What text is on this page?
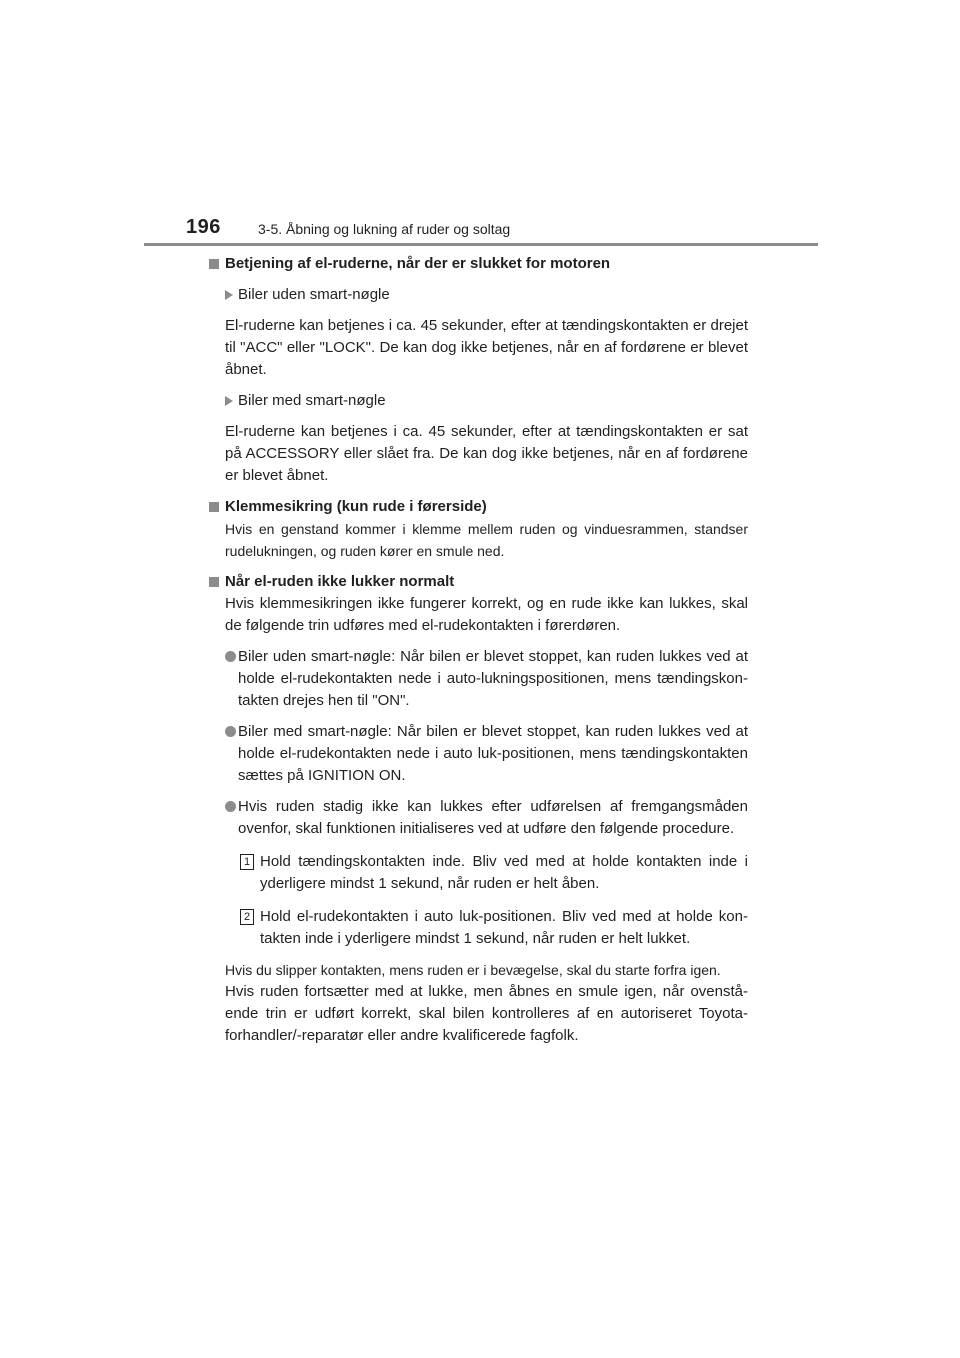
196	3-5. Åbning og lukning af ruder og soltag
Betjening af el-ruderne, når der er slukket for motoren
Biler uden smart-nøgle
El-ruderne kan betjenes i ca. 45 sekunder, efter at tændingskontakten er drejet til "ACC" eller "LOCK". De kan dog ikke betjenes, når en af fordørene er blevet åbnet.
Biler med smart-nøgle
El-ruderne kan betjenes i ca. 45 sekunder, efter at tændingskontakten er sat på ACCESSORY eller slået fra. De kan dog ikke betjenes, når en af fordørene er blevet åbnet.
Klemmesikring (kun rude i førerside)
Hvis en genstand kommer i klemme mellem ruden og vinduesrammen, standser rudelukningen, og ruden kører en smule ned.
Når el-ruden ikke lukker normalt
Hvis klemmesikringen ikke fungerer korrekt, og en rude ikke kan lukkes, skal de følgende trin udføres med el-rudekontakten i førerdøren.
Biler uden smart-nøgle: Når bilen er blevet stoppet, kan ruden lukkes ved at holde el-rudekontakten nede i auto-lukningspositionen, mens tændingskon-takten drejes hen til "ON".
Biler med smart-nøgle: Når bilen er blevet stoppet, kan ruden lukkes ved at holde el-rudekontakten nede i auto luk-positionen, mens tændingskontakten sættes på IGNITION ON.
Hvis ruden stadig ikke kan lukkes efter udførelsen af fremgangsmåden ovenfor, skal funktionen initialiseres ved at udføre den følgende procedure.
1 Hold tændingskontakten inde. Bliv ved med at holde kontakten inde i yderligere mindst 1 sekund, når ruden er helt åben.
2 Hold el-rudekontakten i auto luk-positionen. Bliv ved med at holde kon-takten inde i yderligere mindst 1 sekund, når ruden er helt lukket.
Hvis du slipper kontakten, mens ruden er i bevægelse, skal du starte forfra igen.
Hvis ruden fortsætter med at lukke, men åbnes en smule igen, når ovenstå-ende trin er udført korrekt, skal bilen kontrolleres af en autoriseret Toyota-forhandler/-reparatør eller andre kvalificerede fagfolk.
